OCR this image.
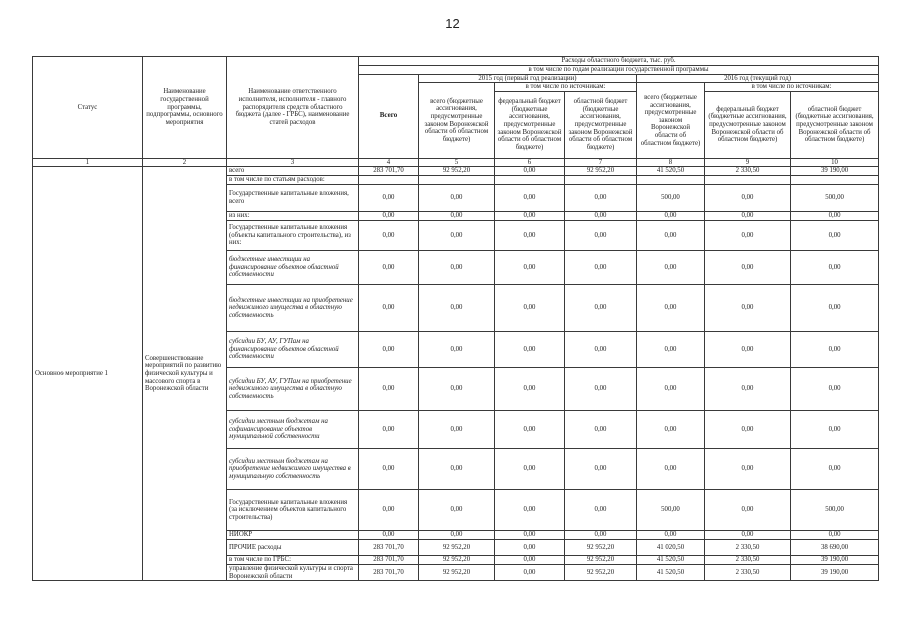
12
Статус	Наименование государственной программы, подпрограммы, основного мероприятия	Наименование ответственного исполнителя, исполнителя - главного распорядителя средств областного бюджета (далее - ГРБС), наименование статей расходов	Расходы областного бюджета, тыс. руб.						
			в том числе по годам реализации государственной программы						
			Всего	2015 год (первый год реализации)			2016 год (текущий год)		
				всего (бюджетные ассигнования, предусмотренные законом Воронежской области об областном бюджете)	в том числе по источникам:		всего (бюджетные ассигнования, предусмотренные законом Воронежской области об областном бюджете)	в том числе по источникам:	
					федеральный бюджет (бюджетные ассигнования, предусмотренные законом Воронежской области об областном бюджете)	областной бюджет (бюджетные ассигнования, предусмотренные законом Воронежской области об областном бюджете)		федеральный бюджет (бюджетные ассигнования, предусмотренные законом Воронежской области об областном бюджете)	областной бюджет (бюджетные ассигнования, предусмотренные законом Воронежской области об областном бюджете)
1	2	3	4	5	6	7	8	9	10
Основноѳ мероприятие 1	Совершенствование мероприятий по развитию физической культуры и массового спорта в Воронежской области	всего	283 701,70	92 952,20	0,00	92 952,20	41 520,50	2 330,50	39 190,00
		в том числе по статьям расходов:							
		Государственные капитальные вложения, всего	0,00	0,00	0,00	0,00	500,00	0,00	500,00
		из них:	0,00	0,00	0,00	0,00	0,00	0,00	0,00
		Государственные капитальные вложения (объекты капитального строительства), из них:	0,00	0,00	0,00	0,00	0,00	0,00	0,00
		бюджетные инвестиции на финансирование объектов областной собственности	0,00	0,00	0,00	0,00	0,00	0,00	0,00
		бюджетные инвестиции на приобретение недвижимого имущества в областную собственность	0,00	0,00	0,00	0,00	0,00	0,00	0,00
		субсидии БУ, АУ, ГУПам на финансирование объектов областной собственности	0,00	0,00	0,00	0,00	0,00	0,00	0,00
		субсидии БУ, АУ, ГУПам на приобретение недвижимого имущества в областную собственность	0,00	0,00	0,00	0,00	0,00	0,00	0,00
		субсидии местным бюджетам на софинансирование объектов муниципальной собственности	0,00	0,00	0,00	0,00	0,00	0,00	0,00
		субсидии местным бюджетам на приобретение недвижимого имущества в муниципальную собственность	0,00	0,00	0,00	0,00	0,00	0,00	0,00
		Государственные капитальные вложения (за исключением объектов капитального строительства)	0,00	0,00	0,00	0,00	500,00	0,00	500,00
		НИОКР	0,00	0,00	0,00	0,00	0,00	0,00	0,00
		ПРОЧИЕ расходы	283 701,70	92 952,20	0,00	92 952,20	41 020,50	2 330,50	38 690,00
		в том числе по ГРБС:	283 701,70	92 952,20	0,00	92 952,20	41 520,50	2 330,50	39 190,00
		управление физической культуры и спорта Воронежской области	283 701,70	92 952,20	0,00	92 952,20	41 520,50	2 330,50	39 190,00
